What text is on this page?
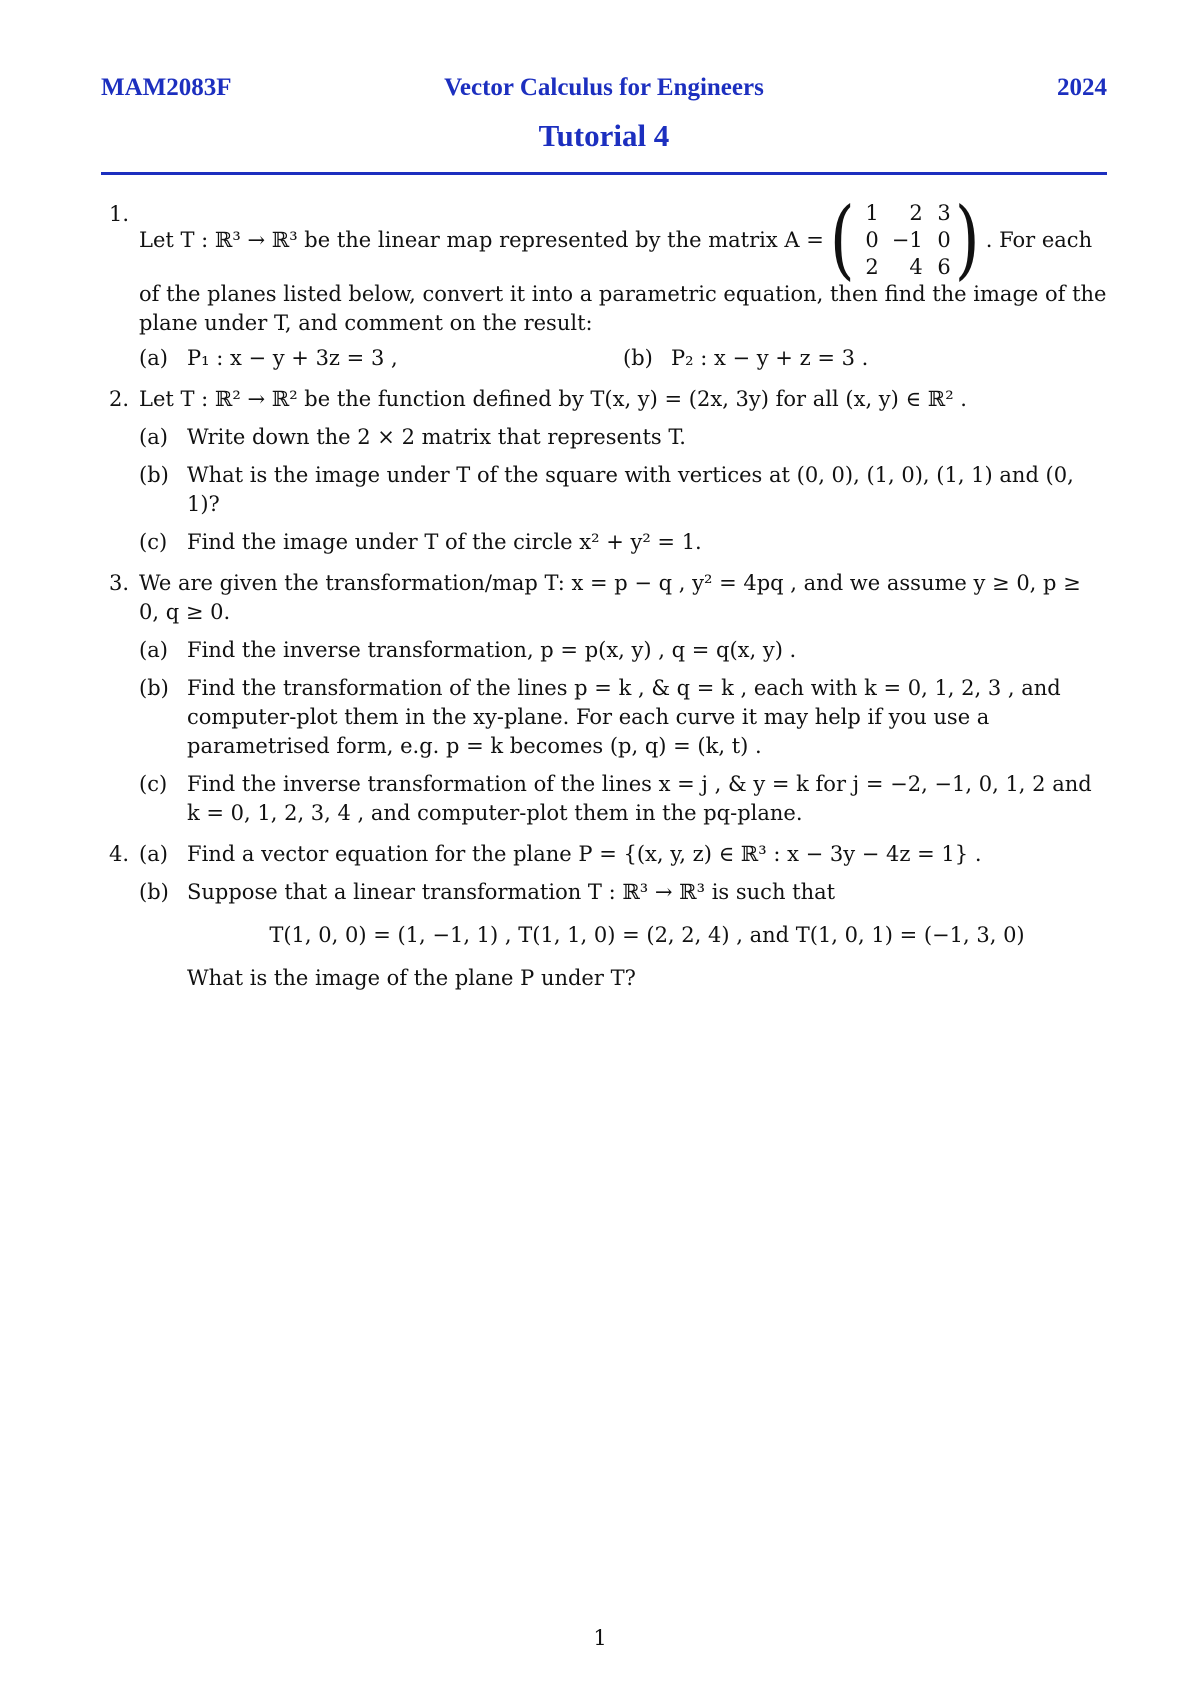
MAM2083F	Vector Calculus for Engineers	2024
Tutorial 4
1.
Let T : ℝ³ → ℝ³ be the linear map represented by the matrix A = ( 1	2 3
0 −1 0
2	4 6 ) . For each
of the planes listed below, convert it into a parametric equation, then find the image of the plane under T, and comment on the result:
(a) P₁ : x − y + 3z = 3 ,	(b) P₂ : x − y + z = 3 .
2. Let T : ℝ² → ℝ² be the function defined by T(x, y) = (2x, 3y) for all (x, y) ∈ ℝ² .
(a) Write down the 2 × 2 matrix that represents T.
(b) What is the image under T of the square with vertices at (0, 0), (1, 0), (1, 1) and (0, 1)?
(c) Find the image under T of the circle x² + y² = 1.
3. We are given the transformation/map T: x = p − q , y² = 4pq , and we assume y ≥ 0, p ≥ 0, q ≥ 0.
(a) Find the inverse transformation, p = p(x, y) , q = q(x, y) .
(b) Find the transformation of the lines p = k , & q = k , each with k = 0, 1, 2, 3 , and computer-plot them in the xy-plane. For each curve it may help if you use a parametrised form, e.g. p = k becomes (p, q) = (k, t) .
(c) Find the inverse transformation of the lines x = j , & y = k for j = −2, −1, 0, 1, 2 and k = 0, 1, 2, 3, 4 , and computer-plot them in the pq-plane.
4. (a) Find a vector equation for the plane P = {(x, y, z) ∈ ℝ³ : x − 3y − 4z = 1} .
(b) Suppose that a linear transformation T : ℝ³ → ℝ³ is such that
T(1, 0, 0) = (1, −1, 1) , T(1, 1, 0) = (2, 2, 4) , and T(1, 0, 1) = (−1, 3, 0)
What is the image of the plane P under T?
1
